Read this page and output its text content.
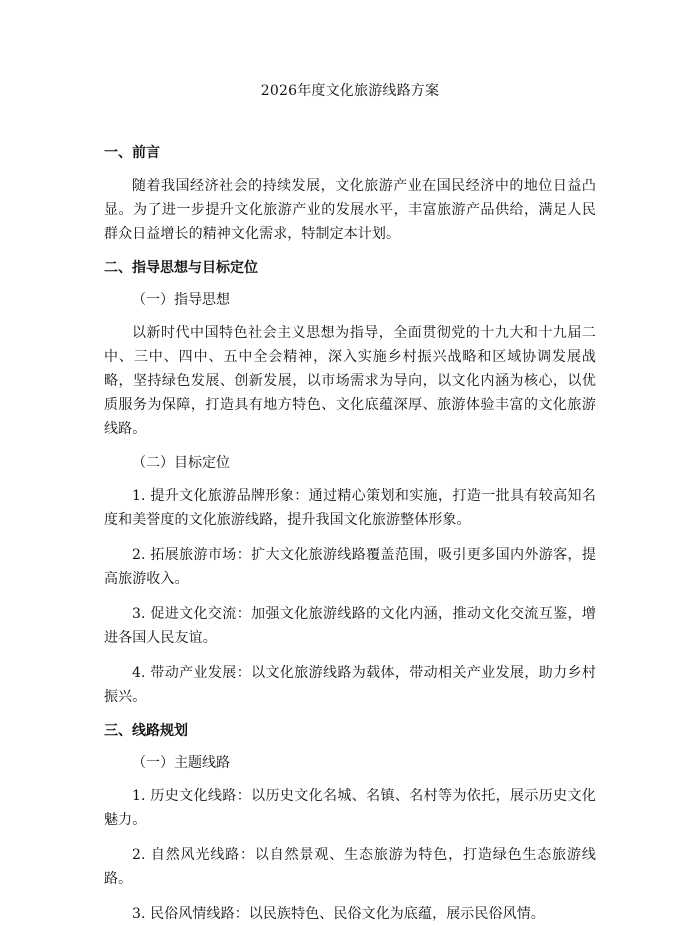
2026年度文化旅游线路方案
一、前言
随着我国经济社会的持续发展，文化旅游产业在国民经济中的地位日益凸显。为了进一步提升文化旅游产业的发展水平，丰富旅游产品供给，满足人民群众日益增长的精神文化需求，特制定本计划。
二、指导思想与目标定位
（一）指导思想
以新时代中国特色社会主义思想为指导，全面贯彻党的十九大和十九届二中、三中、四中、五中全会精神，深入实施乡村振兴战略和区域协调发展战略，坚持绿色发展、创新发展，以市场需求为导向，以文化内涵为核心，以优质服务为保障，打造具有地方特色、文化底蕴深厚、旅游体验丰富的文化旅游线路。
（二）目标定位
1. 提升文化旅游品牌形象：通过精心策划和实施，打造一批具有较高知名度和美誉度的文化旅游线路，提升我国文化旅游整体形象。
2. 拓展旅游市场：扩大文化旅游线路覆盖范围，吸引更多国内外游客，提高旅游收入。
3. 促进文化交流：加强文化旅游线路的文化内涵，推动文化交流互鉴，增进各国人民友谊。
4. 带动产业发展：以文化旅游线路为载体，带动相关产业发展，助力乡村振兴。
三、线路规划
（一）主题线路
1. 历史文化线路：以历史文化名城、名镇、名村等为依托，展示历史文化魅力。
2. 自然风光线路：以自然景观、生态旅游为特色，打造绿色生态旅游线路。
3. 民俗风情线路：以民族特色、民俗文化为底蕴，展示民俗风情。
